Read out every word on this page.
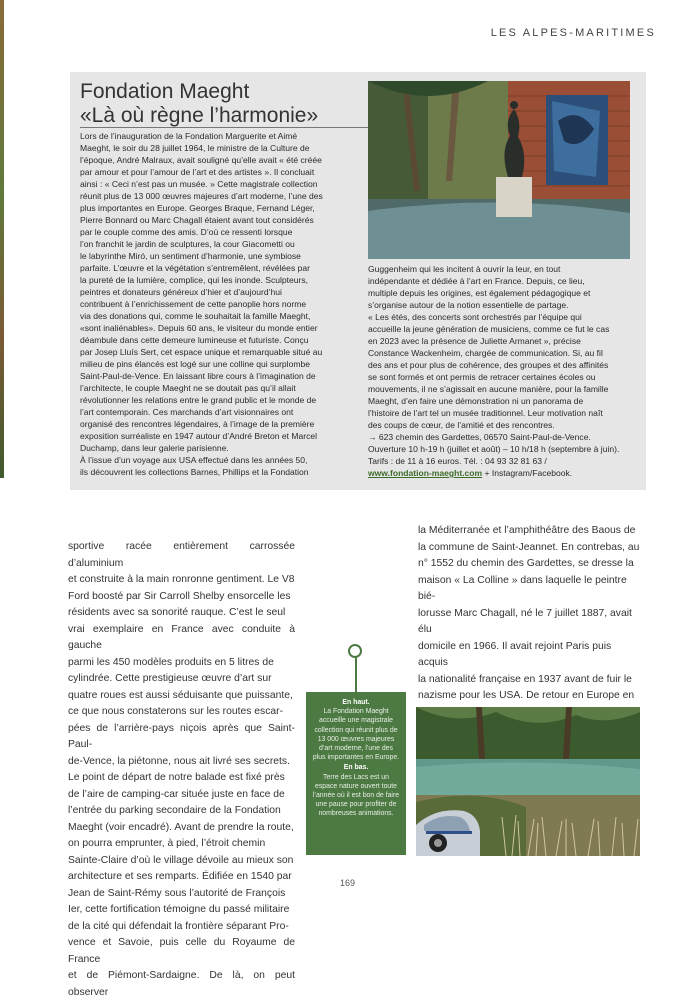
LES ALPES-MARITIMES
Fondation Maeght
«Là où règne l’harmonie»

Lors de l’inauguration de la Fondation Marguerite et Aimé
Maeght, le soir du 28 juillet 1964, le ministre de la Culture de
l’époque, André Malraux, avait souligné qu’elle avait « été créée
par amour et pour l’amour de l’art et des artistes ». Il concluait
ainsi : « Ceci n’est pas un musée. » Cette magistrale collection
réunit plus de 13 000 œuvres majeures d’art moderne, l’une des
plus importantes en Europe. Georges Braque, Fernand Léger,
Pierre Bonnard ou Marc Chagall étaient avant tout considérés
par le couple comme des amis. D’où ce ressenti lorsque
l’on franchit le jardin de sculptures, la cour Giacometti ou
le labyrinthe Miró, un sentiment d’harmonie, une symbiose
parfaite. L’œuvre et la végétation s’entremêlent, révélées par
la pureté de la lumière, complice, qui les inonde. Sculpteurs,
peintres et donateurs généreux d’hier et d’aujourd’hui
contribuent à l’enrichissement de cette panoplie hors norme
via des donations qui, comme le souhaitait la famille Maeght,
«sont inaliénables». Depuis 60 ans, le visiteur du monde entier
déambule dans cette demeure lumineuse et futuriste. Conçu
par Josep Lluís Sert, cet espace unique et remarquable situé au
milieu de pins élancés est logé sur une colline qui surplombe
Saint-Paul-de-Vence. En laissant libre cours à l’imagination de
l’architecte, le couple Maeght ne se doutait pas qu’il allait
révolutionner les relations entre le grand public et le monde de
l’art contemporain. Ces marchands d’art visionnaires ont
organisé des rencontres légendaires, à l’image de la première
exposition surréaliste en 1947 autour d’André Breton et Marcel
Duchamp, dans leur galerie parisienne.
À l’issue d’un voyage aux USA effectué dans les années 50,
ils découvrent les collections Barnes, Phillips et la Fondation

Guggenheim qui les incitent à ouvrir la leur, en tout
indépendante et dédiée à l’art en France. Depuis, ce lieu,
multiple depuis les origines, est également pédagogique et
s’organise autour de la notion essentielle de partage.
« Les étés, des concerts sont orchestrés par l’équipe qui
accueille la jeune génération de musiciens, comme ce fut le cas
en 2023 avec la présence de Juliette Armanet », précise
Constance Wackenheim, chargée de communication. Si, au fil
des ans et pour plus de cohérence, des groupes et des affinités
se sont formés et ont permis de retracer certaines écoles ou
mouvements, il ne s’agissait en aucune manière, pour la famille
Maeght, d’en faire une démonstration ni un panorama de
l’histoire de l’art tel un musée traditionnel. Leur motivation naît
des coups de cœur, de l’amitié et des rencontres.

→ 623 chemin des Gardettes, 06570 Saint-Paul-de-Vence.
Ouverture 10 h-19 h (juillet et août) – 10 h/18 h (septembre à juin).
Tarifs : de 11 à 16 euros. Tél. : 04 93 32 81 63 /
www.fondation-maeght.com + Instagram/Facebook.
sportive racée entièrement carrossée d’aluminium
et construite à la main ronronne gentiment. Le V8
Ford boosté par Sir Carroll Shelby ensorcelle les
résidents avec sa sonorité rauque. C’est le seul
vrai exemplaire en France avec conduite à gauche
parmi les 450 modèles produits en 5 litres de
cylindrée. Cette prestigieuse œuvre d’art sur
quatre roues est aussi séduisante que puissante,
ce que nous constaterons sur les routes escar-
pées de l’arrière-pays niçois après que Saint-Paul-
de-Vence, la piétonne, nous ait livré ses secrets.
Le point de départ de notre balade est fixé près
de l’aire de camping-car située juste en face de
l’entrée du parking secondaire de la Fondation
Maeght (voir encadré). Avant de prendre la route,
on pourra emprunter, à pied, l’étroit chemin
Sainte-Claire d’où le village dévoile au mieux son
architecture et ses remparts. Édifiée en 1540 par
Jean de Saint-Rémy sous l’autorité de François
Ier, cette fortification témoigne du passé militaire
de la cité qui défendait la frontière séparant Pro-
vence et Savoie, puis celle du Royaume de France
et de Piémont-Sardaigne. De là, on peut observer
En haut.
La Fondation Maeght accueille une magistrale collection qui réunit plus de 13 000 œuvres majeures d’art moderne, l’une des plus importantes en Europe.
En bas.
Terre des Lacs est un espace nature ouvert toute l’année où il est bon de faire une pause pour profiter de nombreuses animations.
la Méditerranée et l’amphithéâtre des Baous de
la commune de Saint-Jeannet. En contrebas, au
n° 1552 du chemin des Gardettes, se dresse la
maison « La Colline » dans laquelle le peintre bié-
lorusse Marc Chagall, né le 7 juillet 1887, avait élu
domicile en 1966. Il avait rejoint Paris puis acquis
la nationalité française en 1937 avant de fuir le
nazisme pour les USA. De retour en Europe en

169
